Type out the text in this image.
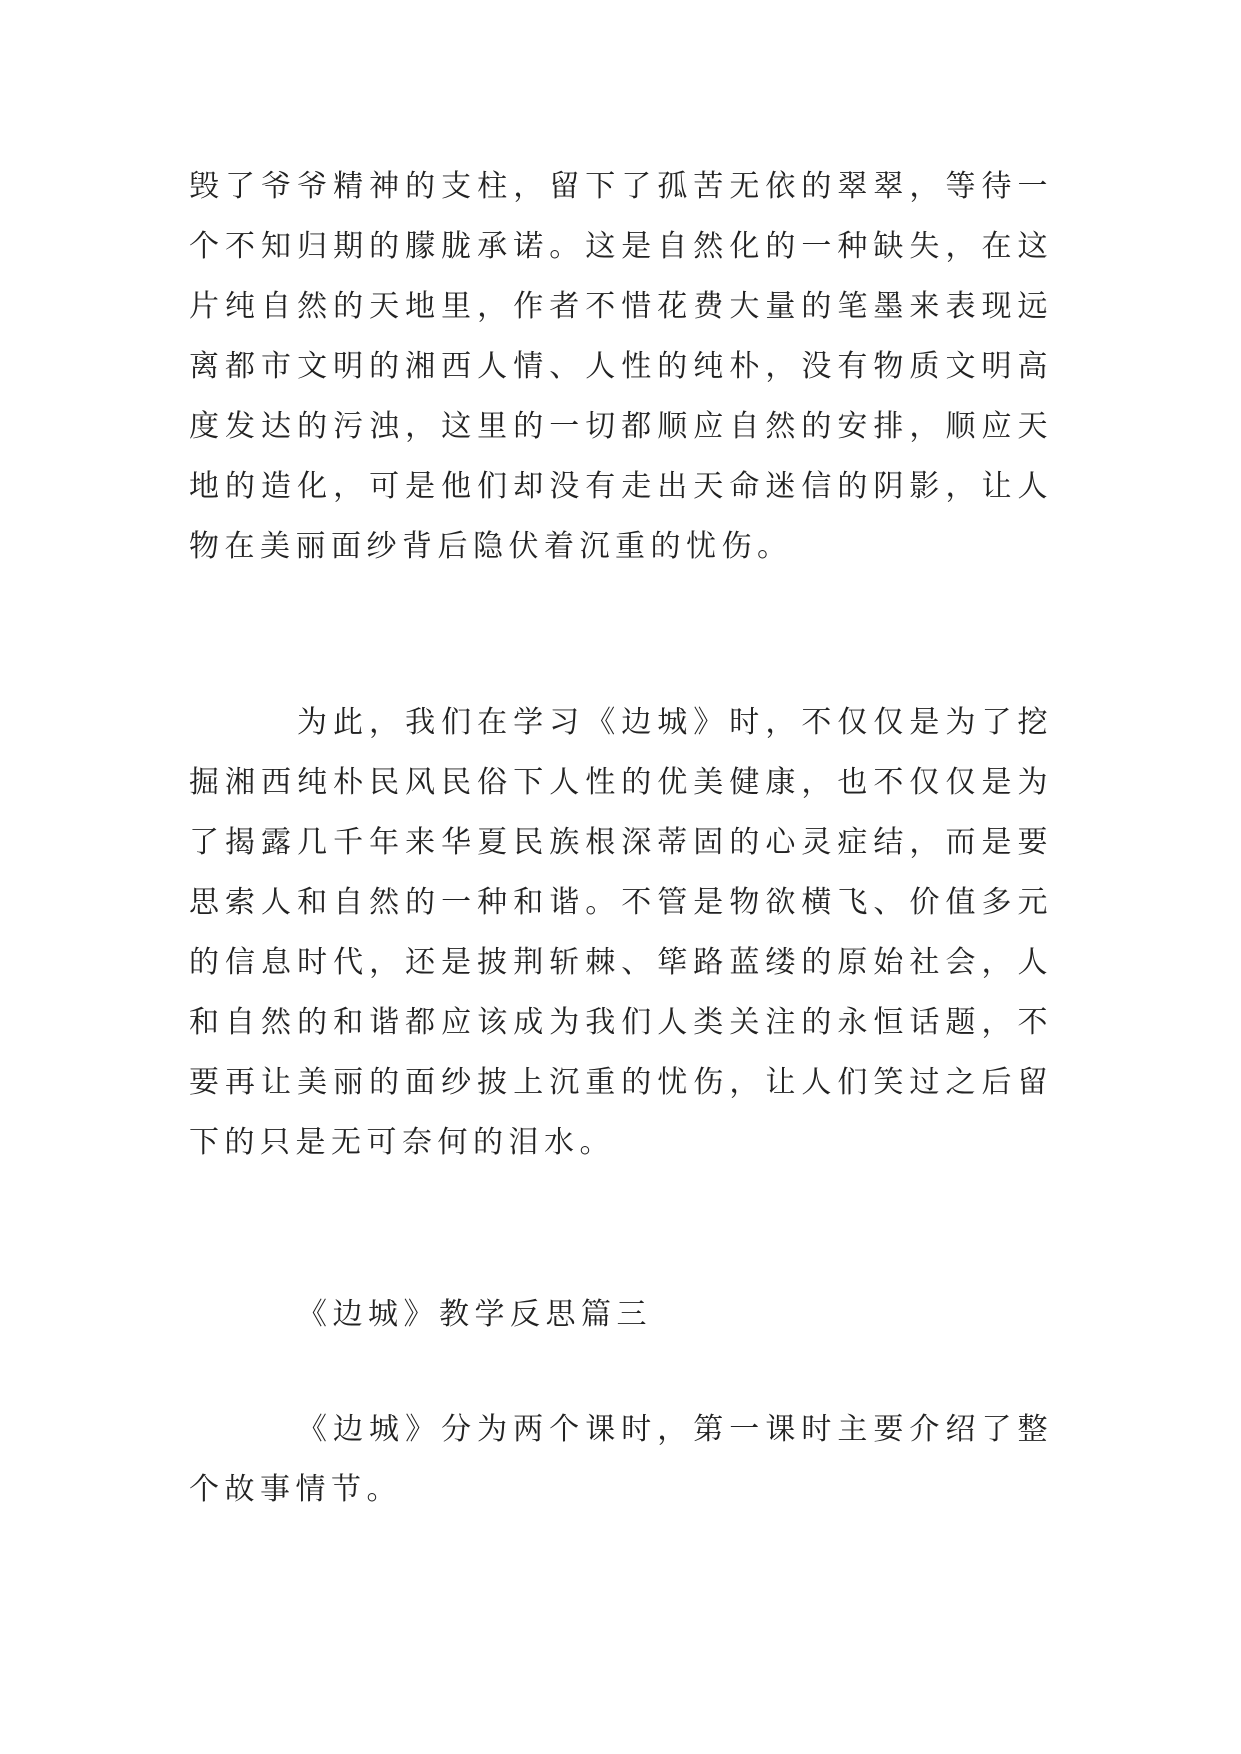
毁了爷爷精神的支柱，留下了孤苦无依的翠翠，等待一个不知归期的朦胧承诺。这是自然化的一种缺失，在这片纯自然的天地里，作者不惜花费大量的笔墨来表现远离都市文明的湘西人情、人性的纯朴，没有物质文明高度发达的污浊，这里的一切都顺应自然的安排，顺应天地的造化，可是他们却没有走出天命迷信的阴影，让人物在美丽面纱背后隐伏着沉重的忧伤。

为此，我们在学习《边城》时，不仅仅是为了挖掘湘西纯朴民风民俗下人性的优美健康，也不仅仅是为了揭露几千年来华夏民族根深蒂固的心灵症结，而是要思索人和自然的一种和谐。不管是物欲横飞、价值多元的信息时代，还是披荆斩棘、筚路蓝缕的原始社会，人和自然的和谐都应该成为我们人类关注的永恒话题，不要再让美丽的面纱披上沉重的忧伤，让人们笑过之后留下的只是无可奈何的泪水。

《边城》教学反思篇三

《边城》分为两个课时，第一课时主要介绍了整个故事情节。
